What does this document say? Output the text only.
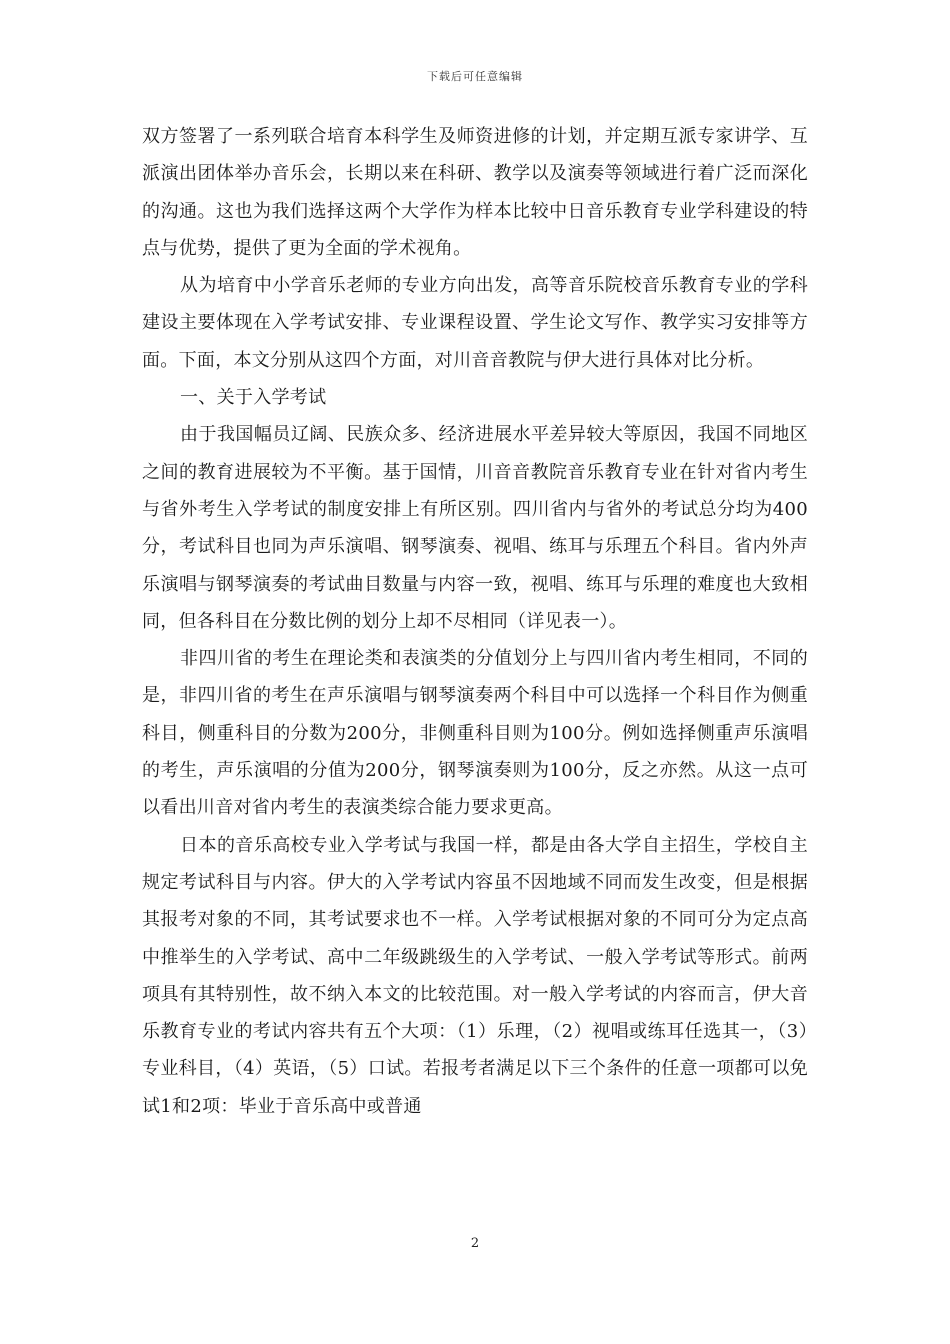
下载后可任意编辑

双方签署了一系列联合培育本科学生及师资进修的计划，并定期互派专家讲学、互派演出团体举办音乐会，长期以来在科研、教学以及演奏等领域进行着广泛而深化的沟通。这也为我们选择这两个大学作为样本比较中日音乐教育专业学科建设的特点与优势，提供了更为全面的学术视角。

从为培育中小学音乐老师的专业方向出发，高等音乐院校音乐教育专业的学科建设主要体现在入学考试安排、专业课程设置、学生论文写作、教学实习安排等方面。下面，本文分别从这四个方面，对川音音教院与伊大进行具体对比分析。

一、关于入学考试

由于我国幅员辽阔、民族众多、经济进展水平差异较大等原因，我国不同地区之间的教育进展较为不平衡。基于国情，川音音教院音乐教育专业在针对省内考生与省外考生入学考试的制度安排上有所区别。四川省内与省外的考试总分均为400分，考试科目也同为声乐演唱、钢琴演奏、视唱、练耳与乐理五个科目。省内外声乐演唱与钢琴演奏的考试曲目数量与内容一致，视唱、练耳与乐理的难度也大致相同，但各科目在分数比例的划分上却不尽相同（详见表一）。

非四川省的考生在理论类和表演类的分值划分上与四川省内考生相同，不同的是，非四川省的考生在声乐演唱与钢琴演奏两个科目中可以选择一个科目作为侧重科目，侧重科目的分数为200分，非侧重科目则为100分。例如选择侧重声乐演唱的考生，声乐演唱的分值为200分，钢琴演奏则为100分，反之亦然。从这一点可以看出川音对省内考生的表演类综合能力要求更高。

日本的音乐高校专业入学考试与我国一样，都是由各大学自主招生，学校自主规定考试科目与内容。伊大的入学考试内容虽不因地域不同而发生改变，但是根据其报考对象的不同，其考试要求也不一样。入学考试根据对象的不同可分为定点高中推举生的入学考试、高中二年级跳级生的入学考试、一般入学考试等形式。前两项具有其特别性，故不纳入本文的比较范围。对一般入学考试的内容而言，伊大音乐教育专业的考试内容共有五个大项：（1）乐理，（2）视唱或练耳任选其一，（3）专业科目，（4）英语，（5）口试。若报考者满足以下三个条件的任意一项都可以免试1和2项：毕业于音乐高中或普通

2
